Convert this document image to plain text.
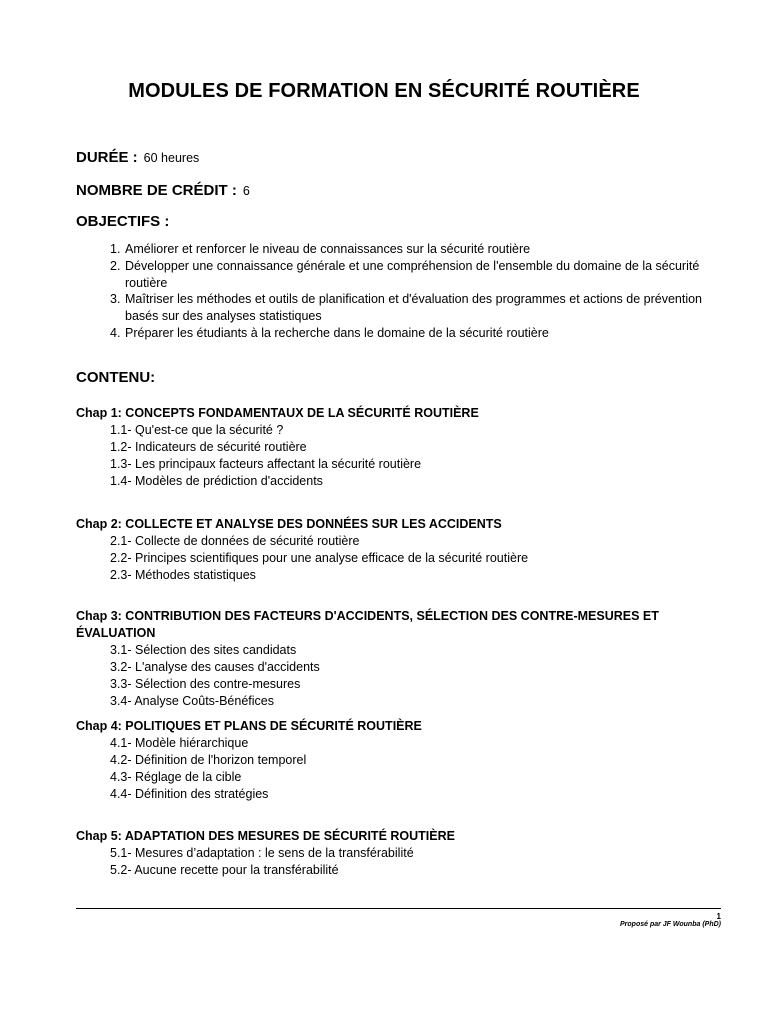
MODULES DE FORMATION EN SÉCURITÉ ROUTIÈRE
DURÉE : 60 heures
NOMBRE DE CRÉDIT : 6
OBJECTIFS :
1. Améliorer et renforcer le niveau de connaissances sur la sécurité routière
2. Développer une connaissance générale et une compréhension de l'ensemble du domaine de la sécurité routière
3. Maîtriser les méthodes et outils de planification et d'évaluation des programmes et actions de prévention basés sur des analyses statistiques
4. Préparer les étudiants à la recherche dans le domaine de la sécurité routière
CONTENU:
Chap 1: CONCEPTS FONDAMENTAUX DE LA SÉCURITÉ ROUTIÈRE
1.1- Qu'est-ce que la sécurité ?
1.2- Indicateurs de sécurité routière
1.3- Les principaux facteurs affectant la sécurité routière
1.4- Modèles de prédiction d'accidents
Chap 2: COLLECTE ET ANALYSE DES DONNÉES SUR LES ACCIDENTS
2.1- Collecte de données de sécurité routière
2.2- Principes scientifiques pour une analyse efficace de la sécurité routière
2.3- Méthodes statistiques
Chap 3: CONTRIBUTION DES FACTEURS D'ACCIDENTS, SÉLECTION DES CONTRE-MESURES ET ÉVALUATION
3.1- Sélection des sites candidats
3.2- L'analyse des causes d'accidents
3.3- Sélection des contre-mesures
3.4- Analyse Coûts-Bénéfices
Chap 4: POLITIQUES ET PLANS DE SÉCURITÉ ROUTIÈRE
4.1- Modèle hiérarchique
4.2- Définition de l'horizon temporel
4.3- Réglage de la cible
4.4- Définition des stratégies
Chap 5: ADAPTATION DES MESURES DE SÉCURITÉ ROUTIÈRE
5.1- Mesures d’adaptation : le sens de la transférabilité
5.2- Aucune recette pour la transférabilité
1
Proposé par JF Wounba (PhD)
